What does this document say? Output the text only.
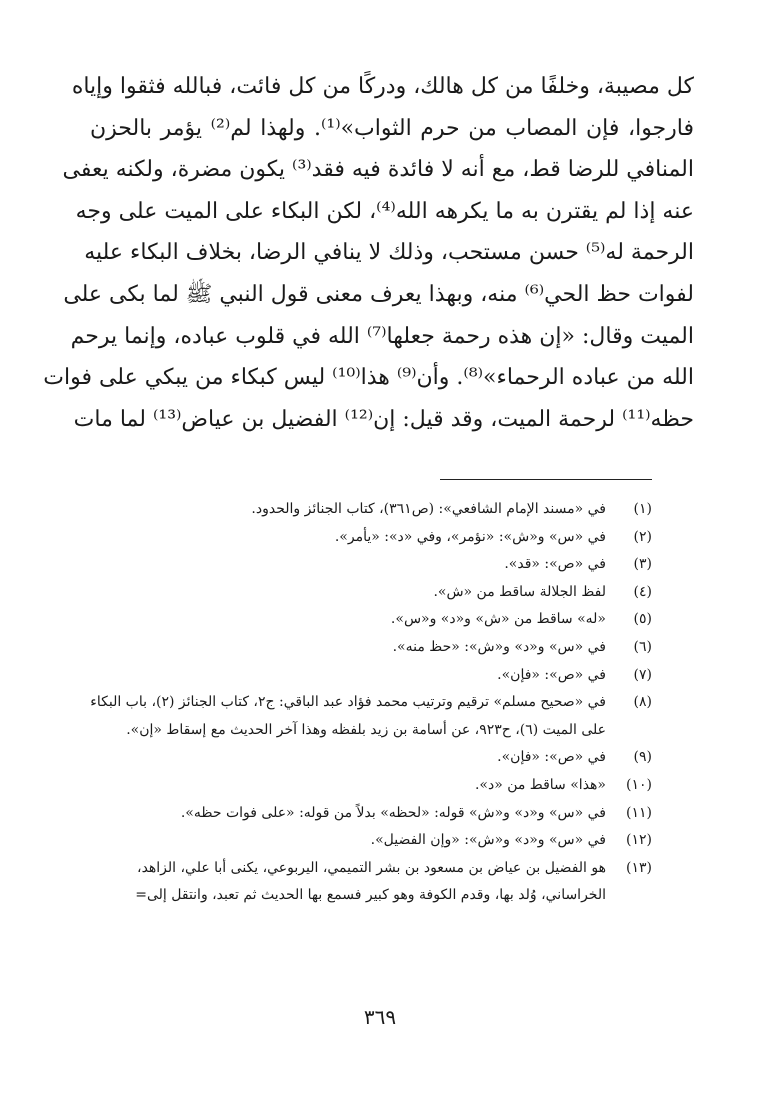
كل مصيبة، وخلفًا من كل هالك، ودركًا من كل فائت، فبالله فثقوا وإياه
فارجوا، فإن المصاب من حرم الثواب»⁽¹⁾. ولهذا لم⁽²⁾ يؤمر بالحزن
المنافي للرضا قط، مع أنه لا فائدة فيه فقد⁽³⁾ يكون مضرة، ولكنه يعفى
عنه إذا لم يقترن به ما يكرهه الله⁽⁴⁾، لكن البكاء على الميت على وجه
الرحمة له⁽⁵⁾ حسن مستحب، وذلك لا ينافي الرضا، بخلاف البكاء عليه
لفوات حظ الحي⁽⁶⁾ منه، وبهذا يعرف معنى قول النبي ﷺ لما بكى على
الميت وقال: «إن هذه رحمة جعلها⁽⁷⁾ الله في قلوب عباده، وإنما يرحم
الله من عباده الرحماء»⁽⁸⁾. وأن⁽⁹⁾ هذا⁽¹⁰⁾ ليس كبكاء من يبكي على فوات
حظه⁽¹¹⁾ لرحمة الميت، وقد قيل: إن⁽¹²⁾ الفضيل بن عياض⁽¹³⁾ لما مات
(١)
في «مسند الإمام الشافعي»: (ص٣٦١)، كتاب الجنائز والحدود.
(٢)
في «س» و«ش»: «نؤمر»، وفي «د»: «يأمر».
(٣)
في «ص»: «قد».
(٤)
لفظ الجلالة ساقط من «ش».
(٥)
«له» ساقط من «ش» و«د» و«س».
(٦)
في «س» و«د» و«ش»: «حظ منه».
(٧)
في «ص»: «فإن».
(٨)
في «صحيح مسلم» ترقيم وترتيب محمد فؤاد عبد الباقي: ج٢، كتاب الجنائز (٢)، باب البكاء
على الميت (٦)، ح٩٢٣، عن أسامة بن زيد بلفظه وهذا آخر الحديث مع إسقاط «إن».
(٩)
في «ص»: «فإن».
(١٠)
«هذا» ساقط من «د».
(١١)
في «س» و«د» و«ش» قوله: «لحظه» بدلاً من قوله: «على فوات حظه».
(١٢)
في «س» و«د» و«ش»: «وإن الفضيل».
(١٣)
هو الفضيل بن عياض بن مسعود بن بشر التميمي، اليربوعي، يكنى أبا علي، الزاهد،
الخراساني، وُلد بها، وقدم الكوفة وهو كبير فسمع بها الحديث ثم تعبد، وانتقل إلى=
٣٦٩
